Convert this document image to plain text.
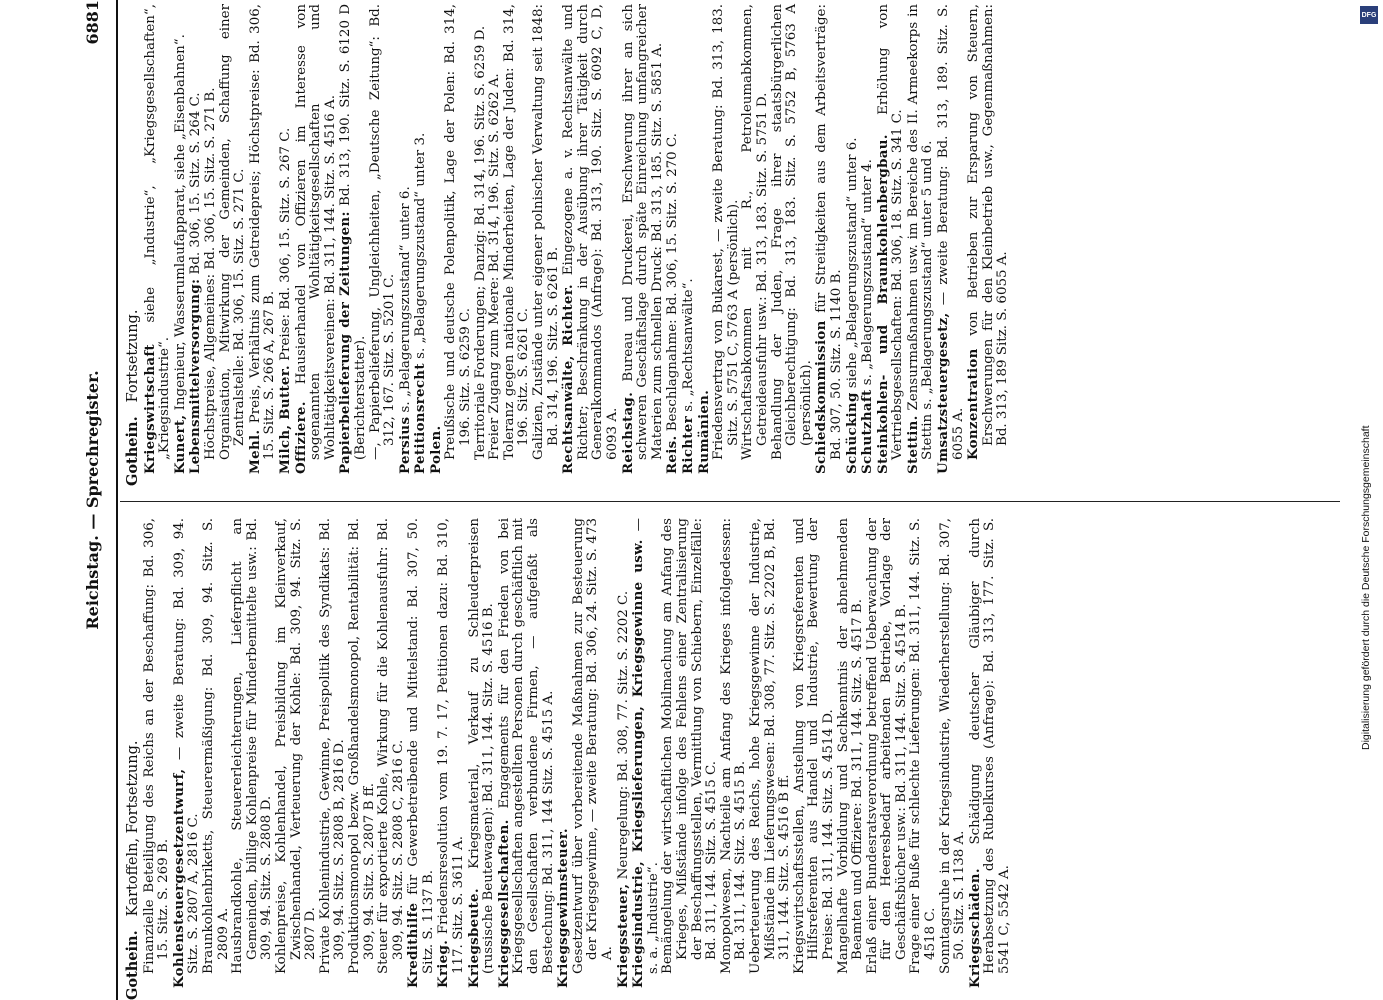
Reichstag. — Sprechregister.
6881
Gothein.Kartoffeln, Fortsetzung. Finanzielle Beteiligung des Reichs an der Beschaffung: Bd. 306, 15. Sitz. S. 269 B. Kohlensteuergesetzentwurf, — zweite Beratung: Bd. 309, 94. Sitz. S. 2807 A, 2816 C. Braunkohlenbriketts, Steuerermäßigung: Bd. 309, 94. Sitz. S. 2809 A. Hausbrandkohle, Steuererleichterungen, Lieferpflicht an Gemeinden, billige Kohlenpreise für Minderbemittelte usw.: Bd. 309, 94. Sitz. S. 2808 D. Kohlenpreise, Kohlenhandel, Preisbildung im Kleinverkauf, Zwischenhandel, Verteuerung der Kohle: Bd. 309, 94. Sitz. S. 2807 D. Private Kohlenindustrie, Gewinne, Preispolitik des Syndikats: Bd. 309, 94. Sitz. S. 2808 B, 2816 D. Produktionsmonopol bezw. Großhandelsmonopol, Rentabilität: Bd. 309, 94. Sitz. S. 2807 B ff. Steuer für exportierte Kohle, Wirkung für die Kohlenausfuhr: Bd. 309, 94. Sitz. S. 2808 C, 2816 C. Kredithilfe für Gewerbetreibende und Mittelstand: Bd. 307, 50. Sitz. S. 1137 B. Krieg. Friedensresolution vom 19. 7. 17, Petitionen dazu: Bd. 310, 117. Sitz. S. 3611 A. Kriegsbeute. Kriegsmaterial, Verkauf zu Schleuderpreisen (russische Beutewagen): Bd. 311, 144. Sitz. S. 4516 B. Kriegsgesellschaften. Engagements für den Frieden von bei Kriegsgesellschaften angestellten Personen durch geschäftlich mit den Gesellschaften verbundene Firmen, — aufgefaßt als Bestechung: Bd. 311, 144 Sitz. S. 4515 A. Kriegsgewinnsteuer. Gesetzentwurf über vorbereitende Maßnahmen zur Besteuerung der Kriegsgewinne, — zweite Beratung: Bd. 306, 24. Sitz. S. 473 A. Kriegssteuer, Neuregelung: Bd. 308, 77. Sitz. S. 2202 C. Kriegsindustrie, Kriegslieferungen, Kriegsgewinne usw. — s. a. „Industrie“. Bemängelung der wirtschaftlichen Mobilmachung am Anfang des Krieges, Mißstände infolge des Fehlens einer Zentralisierung der Beschaffungsstellen, Vermittlung von Schiebern, Einzelfälle: Bd. 311, 144. Sitz. S. 4515 C. Monopolwesen, Nachteile am Anfang des Krieges infolgedessen: Bd. 311, 144. Sitz. S. 4515 B. Ueberteuerung des Reichs, hohe Kriegsgewinne der Industrie, Mißstände im Lieferungswesen: Bd. 308, 77. Sitz. S. 2202 B, Bd. 311, 144. Sitz. S. 4516 B ff. Kriegswirtschaftsstellen, Anstellung von Kriegsreferenten und Hilfsreferenten aus Handel und Industrie, Bewertung der Preise: Bd. 311, 144. Sitz. S. 4514 D. Mangelhafte Vorbildung und Sachkenntnis der abnehmenden Beamten und Offiziere: Bd. 311, 144. Sitz. S. 4517 B. Erlaß einer Bundesratsverordnung betreffend Ueberwachung der für den Heeresbedarf arbeitenden Betriebe, Vorlage der Geschäftsbücher usw.: Bd. 311, 144. Sitz. S. 4514 B. Frage einer Buße für schlechte Lieferungen: Bd. 311, 144. Sitz. S. 4518 C. Sonntagsruhe in der Kriegsindustrie, Wiederherstellung: Bd. 307, 50. Sitz. S. 1138 A. Kriegsschäden. Schädigung deutscher Gläubiger durch Herabsetzung des Rubelkurses (Anfrage): Bd. 313, 177. Sitz. S. 5541 C, 5542 A.

Gothein.Fortsetzung. Kriegswirtschaft siehe „Industrie“, „Kriegsgesellschaften“, „Kriegsindustrie“. Kunert, Ingenieur, Wasserumlaufapparat, siehe „Eisenbahnen“. Lebensmittelversorgung: Bd. 306, 15. Sitz. S. 264 C. Höchstpreise, Allgemeines: Bd. 306, 15. Sitz. S. 271 B. Organisation, Mitwirkung der Gemeinden, Schaffung einer Zentralstelle: Bd. 306, 15. Sitz. S. 271 C.

Mehl. Preis, Verhältnis zum Getreidepreis; Höchstpreise: Bd. 306, 15. Sitz. S. 266 A, 267 B. Milch, Butter. Preise: Bd. 306, 15. Sitz. S. 267 C.

Offiziere. Hausierhandel von Offizieren im Interesse von sogenannten Wohltätigkeitsgesellschaften und Wohltätigkeitsvereinen: Bd. 311, 144. Sitz. S. 4516 A. Papierbelieferung der Zeitungen: Bd. 313, 190. Sitz. S. 6120 D (Berichterstatter). —, Papierbelieferung, Ungleichheiten, „Deutsche Zeitung“: Bd. 312, 167. Sitz. S. 5201 C. Persius s. „Belagerungszustand“ unter 6.

Petitionsrecht s. „Belagerungszustand“ unter 3.

Polen. Preußische und deutsche Polenpolitik, Lage der Polen: Bd. 314, 196. Sitz. S. 6259 C. Territoriale Forderungen; Danzig: Bd. 314, 196. Sitz. S. 6259 D. Freier Zugang zum Meere: Bd. 314, 196. Sitz. S. 6262 A. Toleranz gegen nationale Minderheiten, Lage der Juden: Bd. 314, 196. Sitz. S. 6261 C. Galizien, Zustände unter eigener polnischer Verwaltung seit 1848: Bd. 314, 196. Sitz. S. 6261 B. Rechtsanwälte, Richter. Eingezogene a. v. Rechtsanwälte und Richter; Beschränkung in der Ausübung ihrer Tätigkeit durch Generalkommandos (Anfrage): Bd. 313, 190. Sitz. S. 6092 C, D, 6093 A. Reichstag. Bureau und Druckerei, Erschwerung ihrer an sich schweren Geschäftslage durch späte Einreichung umfangreicher Materien zum schnellen Druck: Bd. 313, 185. Sitz. S. 5851 A. Reis. Beschlagnahme: Bd. 306, 15. Sitz. S. 270 C.

Richter s. „Rechtsanwälte“.

Rumänien. Friedensvertrag von Bukarest, — zweite Beratung: Bd. 313, 183. Sitz. S. 5751 C, 5763 A (persönlich). Wirtschaftsabkommen mit R., Petroleumabkommen, Getreideausfuhr usw.: Bd. 313, 183. Sitz. S. 5751 D. Behandlung der Juden, Frage ihrer staatsbürgerlichen Gleichberechtigung: Bd. 313, 183. Sitz. S. 5752 B, 5763 A (persönlich). Schiedskommission für Streitigkeiten aus dem Arbeitsverträge: Bd. 307, 50. Sitz. S. 1140 B. Schücking siehe „Belagerungszustand“ unter 6.

Schutzhaft s. „Belagerungszustand“ unter 4. Steinkohlen- und Braunkohlenbergbau. Erhöhung von Vertriebsgesellschaften: Bd. 306, 18. Sitz. S. 341 C. Stettin. Zensurmaßnahmen usw. im Bereiche des II. Armeekorps in Stettin s. „Belagerungszustand“ unter 5 und 6. Umsatzsteuergesetz, — zweite Beratung: Bd. 313, 189. Sitz. S. 6055 A. Konzentration von Betrieben zur Ersparung von Steuern, Erschwerungen für den Kleinbetrieb usw., Gegenmaßnahmen: Bd. 313, 189 Sitz. S. 6055 A.

DFG
Digitalisierung gefördert durch die Deutsche Forschungsgemeinschaft
